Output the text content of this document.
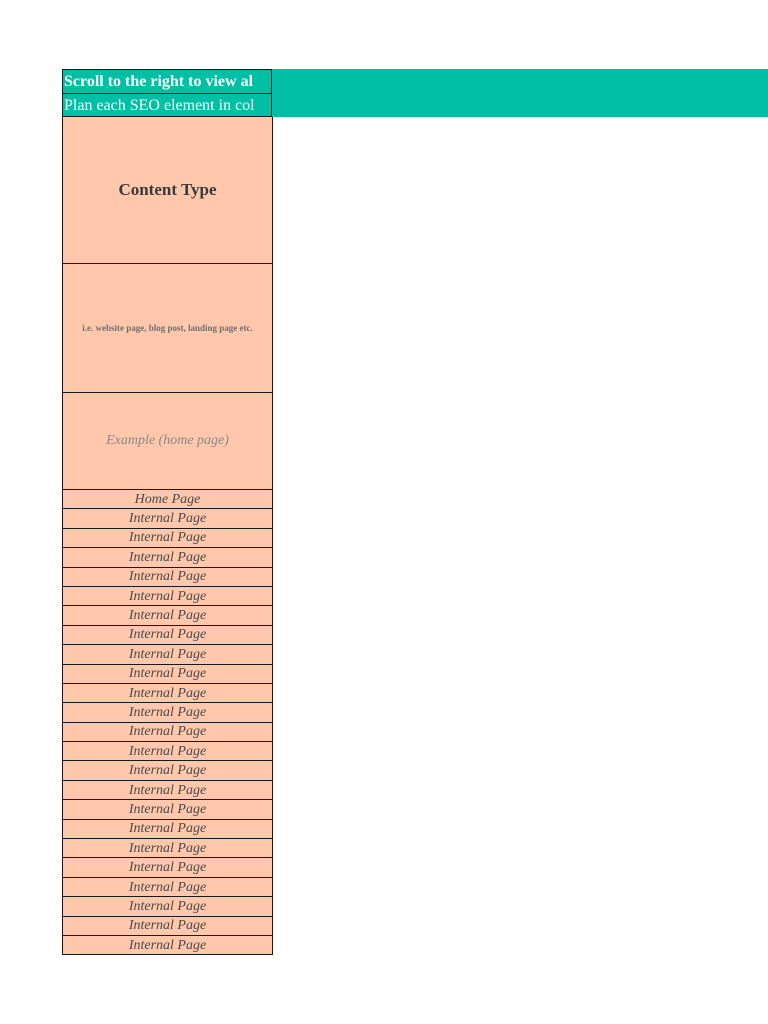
Scroll to the right to view al
Plan each SEO element in col
Content Type
i.e. website page, blog post, landing page etc.
Example (home page)
Home Page
Internal Page
Internal Page
Internal Page
Internal Page
Internal Page
Internal Page
Internal Page
Internal Page
Internal Page
Internal Page
Internal Page
Internal Page
Internal Page
Internal Page
Internal Page
Internal Page
Internal Page
Internal Page
Internal Page
Internal Page
Internal Page
Internal Page
Internal Page
